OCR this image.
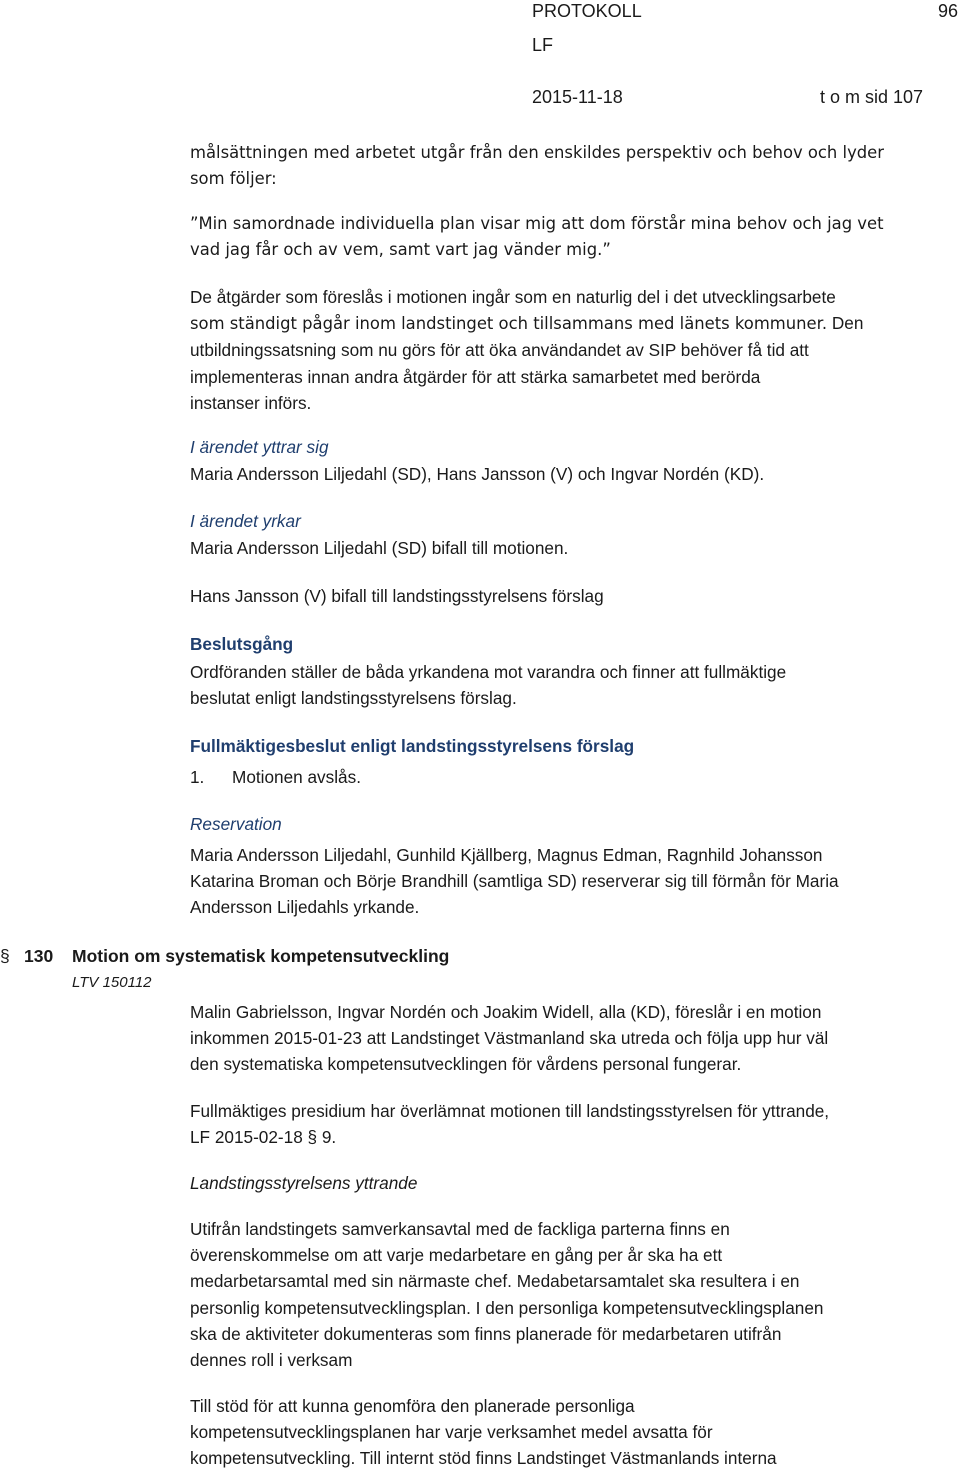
PROTOKOLL	96
LF
2015-11-18	t o m sid 107

målsättningen med arbetet utgår från den enskildes perspektiv och behov och lyder
som följer:

”Min samordnade individuella plan visar mig att dom förstår mina behov och jag vet
vad jag får och av vem, samt vart jag vänder mig.”

De åtgärder som föreslås i motionen ingår som en naturlig del i det utvecklingsarbete
som ständigt pågår inom landstinget och tillsammans med länets kommuner. Den
utbildningssatsning som nu görs för att öka användandet av SIP behöver få tid att
implementeras innan andra åtgärder för att stärka samarbetet med berörda
instanser införs.

I ärendet yttrar sig

Maria Andersson Liljedahl (SD), Hans Jansson (V) och Ingvar Nordén (KD).

I ärendet yrkar

Maria Andersson Liljedahl (SD) bifall till motionen.

Hans Jansson (V) bifall till landstingsstyrelsens förslag

Beslutsgång

Ordföranden ställer de båda yrkandena mot varandra och finner att fullmäktige
beslutat enligt landstingsstyrelsens förslag.

Fullmäktigesbeslut enligt landstingsstyrelsens förslag

1. Motionen avslås.

Reservation

Maria Andersson Liljedahl, Gunhild Kjällberg, Magnus Edman, Ragnhild Johansson
Katarina Broman och Börje Brandhill (samtliga SD) reserverar sig till förmån för Maria
Andersson Liljedahls yrkande.

§ 130 Motion om systematisk kompetensutveckling
LTV 150112

Malin Gabrielsson, Ingvar Nordén och Joakim Widell, alla (KD), föreslår i en motion
inkommen 2015-01-23 att Landstinget Västmanland ska utreda och följa upp hur väl
den systematiska kompetensutvecklingen för vårdens personal fungerar.

Fullmäktiges presidium har överlämnat motionen till landstingsstyrelsen för yttrande,
LF 2015-02-18 § 9.

Landstingsstyrelsens yttrande

Utifrån landstingets samverkansavtal med de fackliga parterna finns en
överenskommelse om att varje medarbetare en gång per år ska ha ett
medarbetarsamtal med sin närmaste chef. Medabetarsamtalet ska resultera i en
personlig kompetensutvecklingsplan. I den personliga kompetensutvecklingsplanen
ska de aktiviteter dokumenteras som finns planerade för medarbetaren utifrån
dennes roll i verksam

Till stöd för att kunna genomföra den planerade personliga
kompetensutvecklingsplanen har varje verksamhet medel avsatta för
kompetensutveckling. Till internt stöd finns Landstinget Västmanlands interna
